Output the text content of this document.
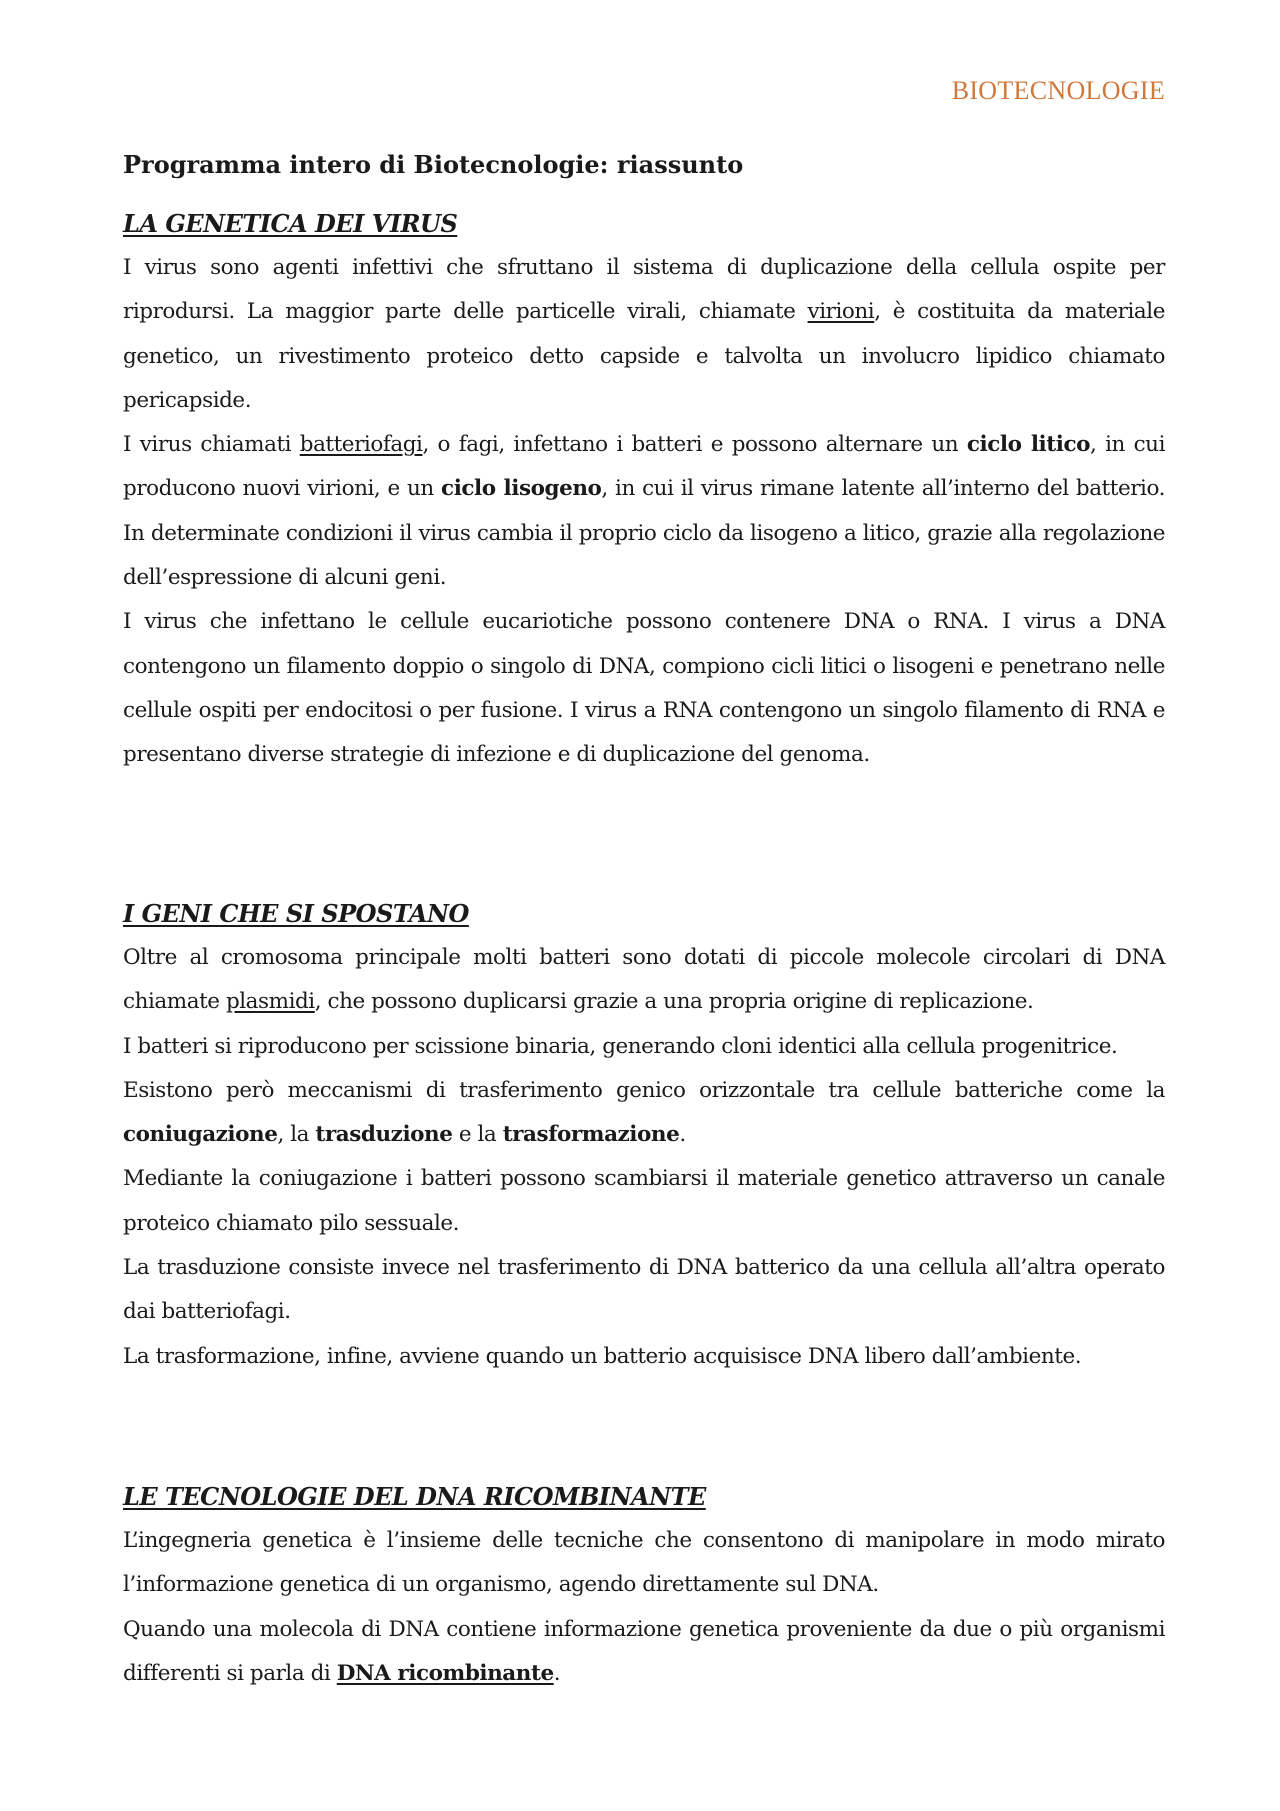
BIOTECNOLOGIE
Programma intero di Biotecnologie: riassunto
LA GENETICA DEI VIRUS

I virus sono agenti infettivi che sfruttano il sistema di duplicazione della cellula ospite per riprodursi. La maggior parte delle particelle virali, chiamate virioni, è costituita da materiale genetico, un rivestimento proteico detto capside e talvolta un involucro lipidico chiamato pericapside.

I virus chiamati batteriofagi, o fagi, infettano i batteri e possono alternare un ciclo litico, in cui producono nuovi virioni, e un ciclo lisogeno, in cui il virus rimane latente all’interno del batterio. In determinate condizioni il virus cambia il proprio ciclo da lisogeno a litico, grazie alla regolazione dell’espressione di alcuni geni.

I virus che infettano le cellule eucariotiche possono contenere DNA o RNA. I virus a DNA contengono un filamento doppio o singolo di DNA, compiono cicli litici o lisogeni e penetrano nelle cellule ospiti per endocitosi o per fusione. I virus a RNA contengono un singolo filamento di RNA e presentano diverse strategie di infezione e di duplicazione del genoma.

I GENI CHE SI SPOSTANO

Oltre al cromosoma principale molti batteri sono dotati di piccole molecole circolari di DNA chiamate plasmidi, che possono duplicarsi grazie a una propria origine di replicazione.

I batteri si riproducono per scissione binaria, generando cloni identici alla cellula progenitrice.

Esistono però meccanismi di trasferimento genico orizzontale tra cellule batteriche come la coniugazione, la trasduzione e la trasformazione.

Mediante la coniugazione i batteri possono scambiarsi il materiale genetico attraverso un canale proteico chiamato pilo sessuale.

La trasduzione consiste invece nel trasferimento di DNA batterico da una cellula all’altra operato dai batteriofagi.

La trasformazione, infine, avviene quando un batterio acquisisce DNA libero dall’ambiente.

LE TECNOLOGIE DEL DNA RICOMBINANTE

L’ingegneria genetica è l’insieme delle tecniche che consentono di manipolare in modo mirato l’informazione genetica di un organismo, agendo direttamente sul DNA.

Quando una molecola di DNA contiene informazione genetica proveniente da due o più organismi differenti si parla di DNA ricombinante.
